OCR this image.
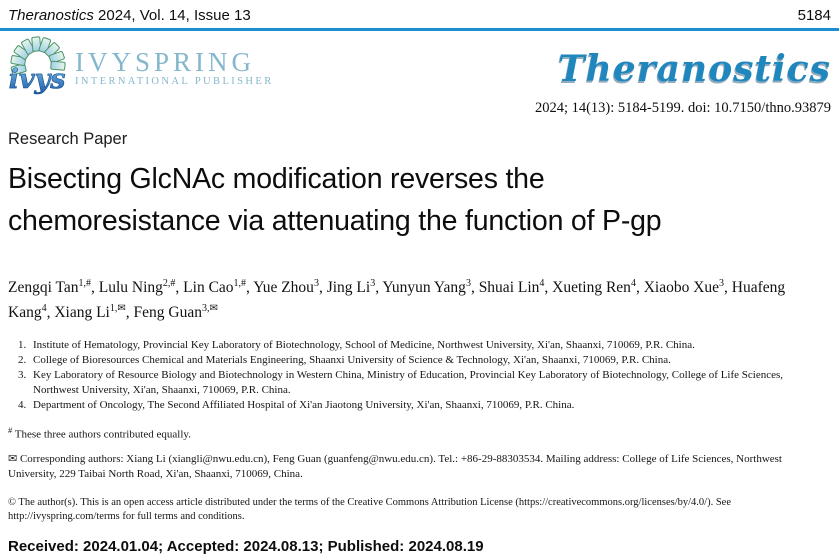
Theranostics 2024, Vol. 14, Issue 13	5184
ivys
IVYSPRING
INTERNATIONAL PUBLISHER	Theranostics
2024; 14(13): 5184-5199. doi: 10.7150/thno.93879
Research Paper
Bisecting GlcNAc modification reverses the
chemoresistance via attenuating the function of P-gp

Zengqi Tan$^{1,\#}$, Lulu Ning$^{2,\#}$, Lin Cao$^{1,\#}$, Yue Zhou$^3$, Jing Li$^3$, Yunyun Yang$^3$, Shuai Lin$^4$, Xueting Ren$^4$, Xiaobo Xue$^3$, Huafeng Kang$^4$, Xiang $Li^{1,✉}$, Feng Guan$^{3,✉}$

1. Institute of Hematology, Provincial Key Laboratory of Biotechnology, School of Medicine, Northwest University, Xi'an, Shaanxi, 710069, P.R. China.
2. College of Bioresources Chemical and Materials Engineering, Shaanxi University of Science & Technology, Xi'an, Shaanxi, 710069, P.R. China.
3. Key Laboratory of Resource Biology and Biotechnology in Western China, Ministry of Education, Provincial Key Laboratory of Biotechnology, College of Life Sciences, Northwest University, Xi'an, Shaanxi, 710069, P.R. China.
4. Department of Oncology, The Second Affiliated Hospital of Xi'an Jiaotong University, Xi'an, Shaanxi, 710069, P.R. China.
# These three authors contributed equally.
✉ Corresponding authors: Xiang Li (xiangli@nwu.edu.cn), Feng Guan (guanfeng@nwu.edu.cn). Tel.: +86-29-88303534. Mailing address: College of Life Sciences, Northwest University, 229 Taibai North Road, Xi'an, Shaanxi, 710069, China.
© The author(s). This is an open access article distributed under the terms of the Creative Commons Attribution License (https://creativecommons.org/licenses/by/4.0/). See http://ivyspring.com/terms for full terms and conditions.
Received: 2024.01.04; Accepted: 2024.08.13; Published: 2024.08.19
